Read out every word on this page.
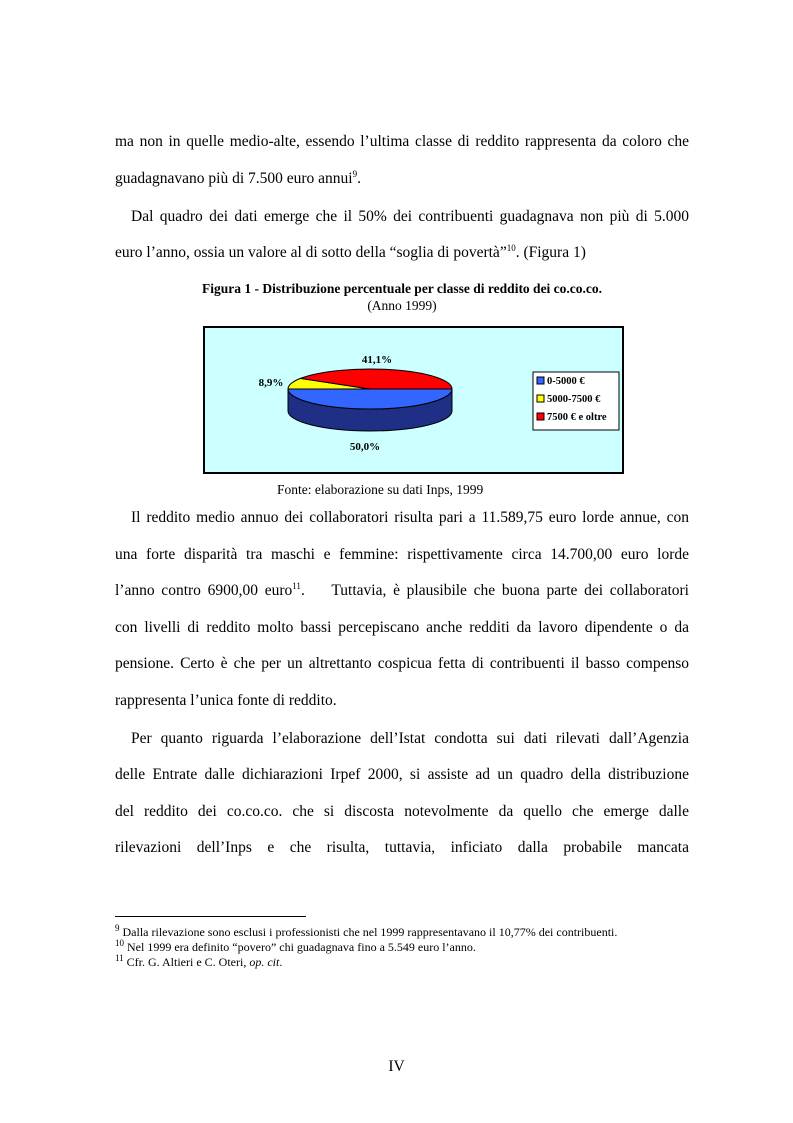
ma non in quelle medio-alte, essendo l’ultima classe di reddito rappresenta da coloro che
guadagnavano più di 7.500 euro annui$^9$.
Dal quadro dei dati emerge che il 50% dei contribuenti guadagnava non più di 5.000
euro l’anno, ossia un valore al di sotto della “soglia di povertà”$^{10}$. (Figura 1)
Figura 1 - Distribuzione percentuale per classe di reddito dei co.co.co.
(Anno 1999)
50,0%
8,9%
41,1%
0-5000 €
5000-7500 €
7500 € e oltre
Fonte: elaborazione su dati Inps, 1999
Il reddito medio annuo dei collaboratori risulta pari a 11.589,75 euro lorde annue, con
una forte disparità tra maschi e femmine: rispettivamente circa 14.700,00 euro lorde
l’anno contro 6900,00 euro$^{11}$.    Tuttavia, è plausibile che buona parte dei collaboratori
con livelli di reddito molto bassi percepiscano anche redditi da lavoro dipendente o da
pensione. Certo è che per un altrettanto cospicua fetta di contribuenti il basso compenso
rappresenta l’unica fonte di reddito.
Per quanto riguarda l’elaborazione dell’Istat condotta sui dati rilevati dall’Agenzia
delle Entrate dalle dichiarazioni Irpef 2000, si assiste ad un quadro della distribuzione
del reddito dei co.co.co. che si discosta notevolmente da quello che emerge dalle
rilevazioni dell’Inps e che risulta, tuttavia, inficiato dalla probabile mancata
$^9$ Dalla rilevazione sono esclusi i professionisti che nel 1999 rappresentavano il 10,77% dei contribuenti.
$^{10}$ Nel 1999 era definito “povero” chi guadagnava fino a 5.549 euro l’anno.
$^{11}$ Cfr. G. Altieri e C. Oteri, op. cit.
IV
